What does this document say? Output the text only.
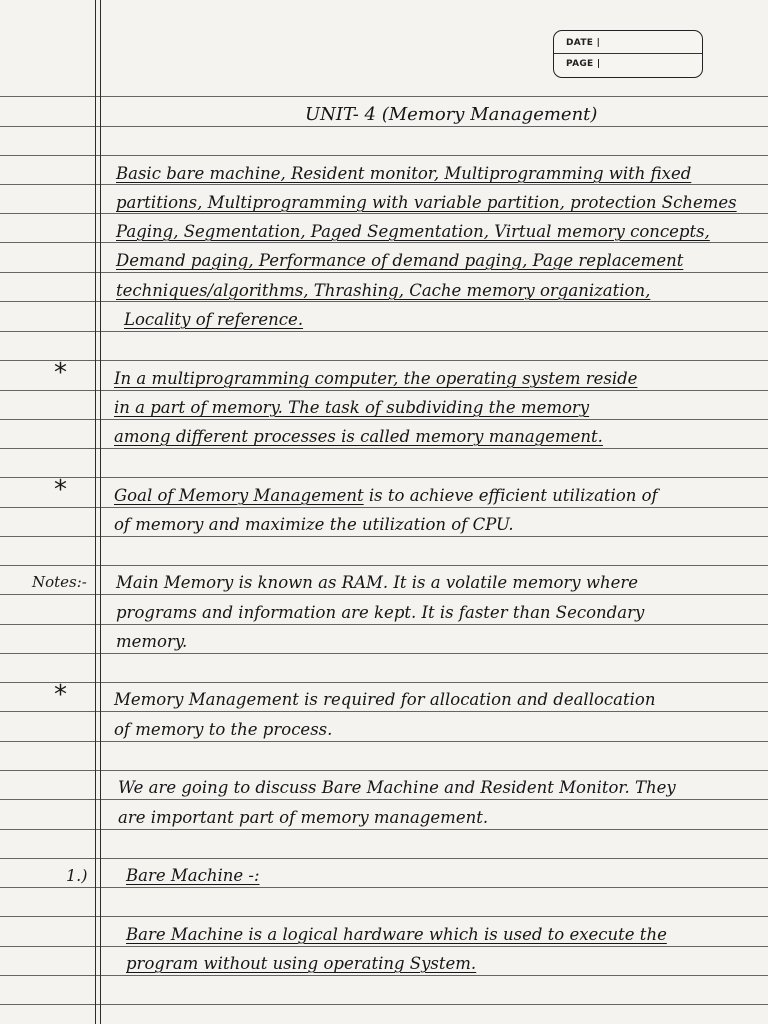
DATE |
PAGE |
UNIT- 4 (Memory Management)
Basic bare machine, Resident monitor, Multiprogramming with fixed
partitions, Multiprogramming with variable partition, protection Schemes
Paging, Segmentation, Paged Segmentation, Virtual memory concepts,
Demand paging, Performance of demand paging, Page replacement
techniques/algorithms, Thrashing, Cache memory organization,
Locality of reference.
*	In a multiprogramming computer, the operating system reside
in a part of memory. The task of subdividing the memory
among different processes is called memory management.
*	Goal of Memory Management is to achieve efficient utilization of
of memory and maximize the utilization of CPU.
Notes:- Main Memory is known as RAM. It is a volatile memory where
programs and information are kept. It is faster than Secondary
memory.
*	Memory Management is required for allocation and deallocation
of memory to the process.
We are going to discuss Bare Machine and Resident Monitor. They
are important part of memory management.
1.) Bare Machine -:
Bare Machine is a logical hardware which is used to execute the
program without using operating System.
